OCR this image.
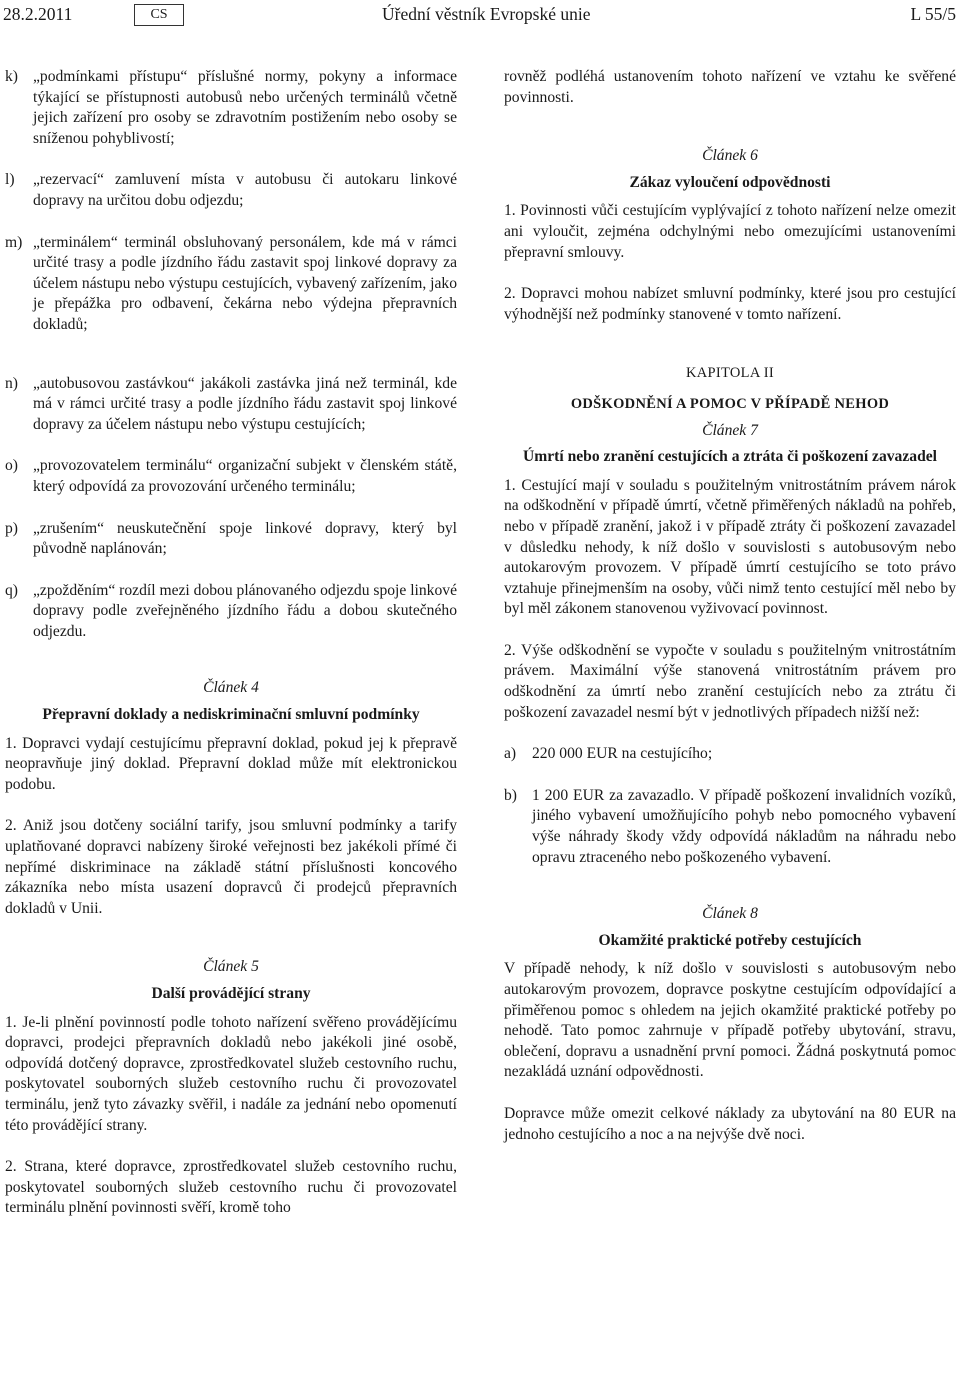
28.2.2011	CS	Úřední věstník Evropské unie	L 55/5
k) „podmínkami přístupu“ příslušné normy, pokyny a informace týkající se přístupnosti autobusů nebo určených terminálů včetně jejich zařízení pro osoby se zdravotním postižením nebo osoby se sníženou pohyblivostí;
l)	„rezervací“ zamluvení místa v autobusu či autokaru linkové dopravy na určitou dobu odjezdu;
m) „terminálem“ terminál obsluhovaný personálem, kde má v rámci určité trasy a podle jízdního řádu zastavit spoj linkové dopravy za účelem nástupu nebo výstupu cestujících, vybavený zařízením, jako je přepážka pro odbavení, čekárna nebo výdejna přepravních dokladů;
n) „autobusovou zastávkou“ jakákoli zastávka jiná než terminál, kde má v rámci určité trasy a podle jízdního řádu zastavit spoj linkové dopravy za účelem nástupu nebo výstupu cestujících;
o) „provozovatelem terminálu“ organizační subjekt v členském státě, který odpovídá za provozování určeného terminálu;
p) „zrušením“ neuskutečnění spoje linkové dopravy, který byl původně naplánován;
q) „zpožděním“ rozdíl mezi dobou plánovaného odjezdu spoje linkové dopravy podle zveřejněného jízdního řádu a dobou skutečného odjezdu.

Článek 4

Přepravní doklady a nediskriminační smluvní podmínky

1. Dopravci vydají cestujícímu přepravní doklad, pokud jej k přepravě neopravňuje jiný doklad. Přepravní doklad může mít elektronickou podobu.

2. Aniž jsou dotčeny sociální tarify, jsou smluvní podmínky a tarify uplatňované dopravci nabízeny široké veřejnosti bez jakékoli přímé či nepřímé diskriminace na základě státní příslušnosti koncového zákazníka nebo místa usazení dopravců či prodejců přepravních dokladů v Unii.

Článek 5

Další provádějící strany

1. Je-li plnění povinností podle tohoto nařízení svěřeno provádějícímu dopravci, prodejci přepravních dokladů nebo jakékoli jiné osobě, odpovídá dotčený dopravce, zprostředkovatel služeb cestovního ruchu, poskytovatel souborných služeb cestovního ruchu či provozovatel terminálu, jenž tyto závazky svěřil, i nadále za jednání nebo opomenutí této provádějící strany.

2. Strana, které dopravce, zprostředkovatel služeb cestovního ruchu, poskytovatel souborných služeb cestovního ruchu či provozovatel terminálu plnění povinnosti svěří, kromě toho

rovněž podléhá ustanovením tohoto nařízení ve vztahu ke svěřené povinnosti.

Článek 6

Zákaz vyloučení odpovědnosti

1. Povinnosti vůči cestujícím vyplývající z tohoto nařízení nelze omezit ani vyloučit, zejména odchylnými nebo omezujícími ustanoveními přepravní smlouvy.

2. Dopravci mohou nabízet smluvní podmínky, které jsou pro cestující výhodnější než podmínky stanovené v tomto nařízení.

KAPITOLA II

ODŠKODNĚNÍ A POMOC V PŘÍPADĚ NEHOD

Článek 7

Úmrtí nebo zranění cestujících a ztráta či poškození zavazadel

1. Cestující mají v souladu s použitelným vnitrostátním právem nárok na odškodnění v případě úmrtí, včetně přiměřených nákladů na pohřeb, nebo v případě zranění, jakož i v případě ztráty či poškození zavazadel v důsledku nehody, k níž došlo v souvislosti s autobusovým nebo autokarovým provozem. V případě úmrtí cestujícího se toto právo vztahuje přinejmenším na osoby, vůči nimž tento cestující měl nebo by byl měl zákonem stanovenou vyživovací povinnost.

2. Výše odškodnění se vypočte v souladu s použitelným vnitrostátním právem. Maximální výše stanovená vnitrostátním právem pro odškodnění za úmrtí nebo zranění cestujících nebo za ztrátu či poškození zavazadel nesmí být v jednotlivých případech nižší než:

a)	220 000 EUR na cestujícího;
b) 1 200 EUR za zavazadlo. V případě poškození invalidních vozíků, jiného vybavení umožňujícího pohyb nebo pomocného vybavení výše náhrady škody vždy odpovídá nákladům na náhradu nebo opravu ztraceného nebo poškozeného vybavení.

Článek 8

Okamžité praktické potřeby cestujících

V případě nehody, k níž došlo v souvislosti s autobusovým nebo autokarovým provozem, dopravce poskytne cestujícím odpovídající a přiměřenou pomoc s ohledem na jejich okamžité praktické potřeby po nehodě. Tato pomoc zahrnuje v případě potřeby ubytování, stravu, oblečení, dopravu a usnadnění první pomoci. Žádná poskytnutá pomoc nezakládá uznání odpovědnosti.

Dopravce může omezit celkové náklady za ubytování na 80 EUR na jednoho cestujícího a noc a na nejvýše dvě noci.
